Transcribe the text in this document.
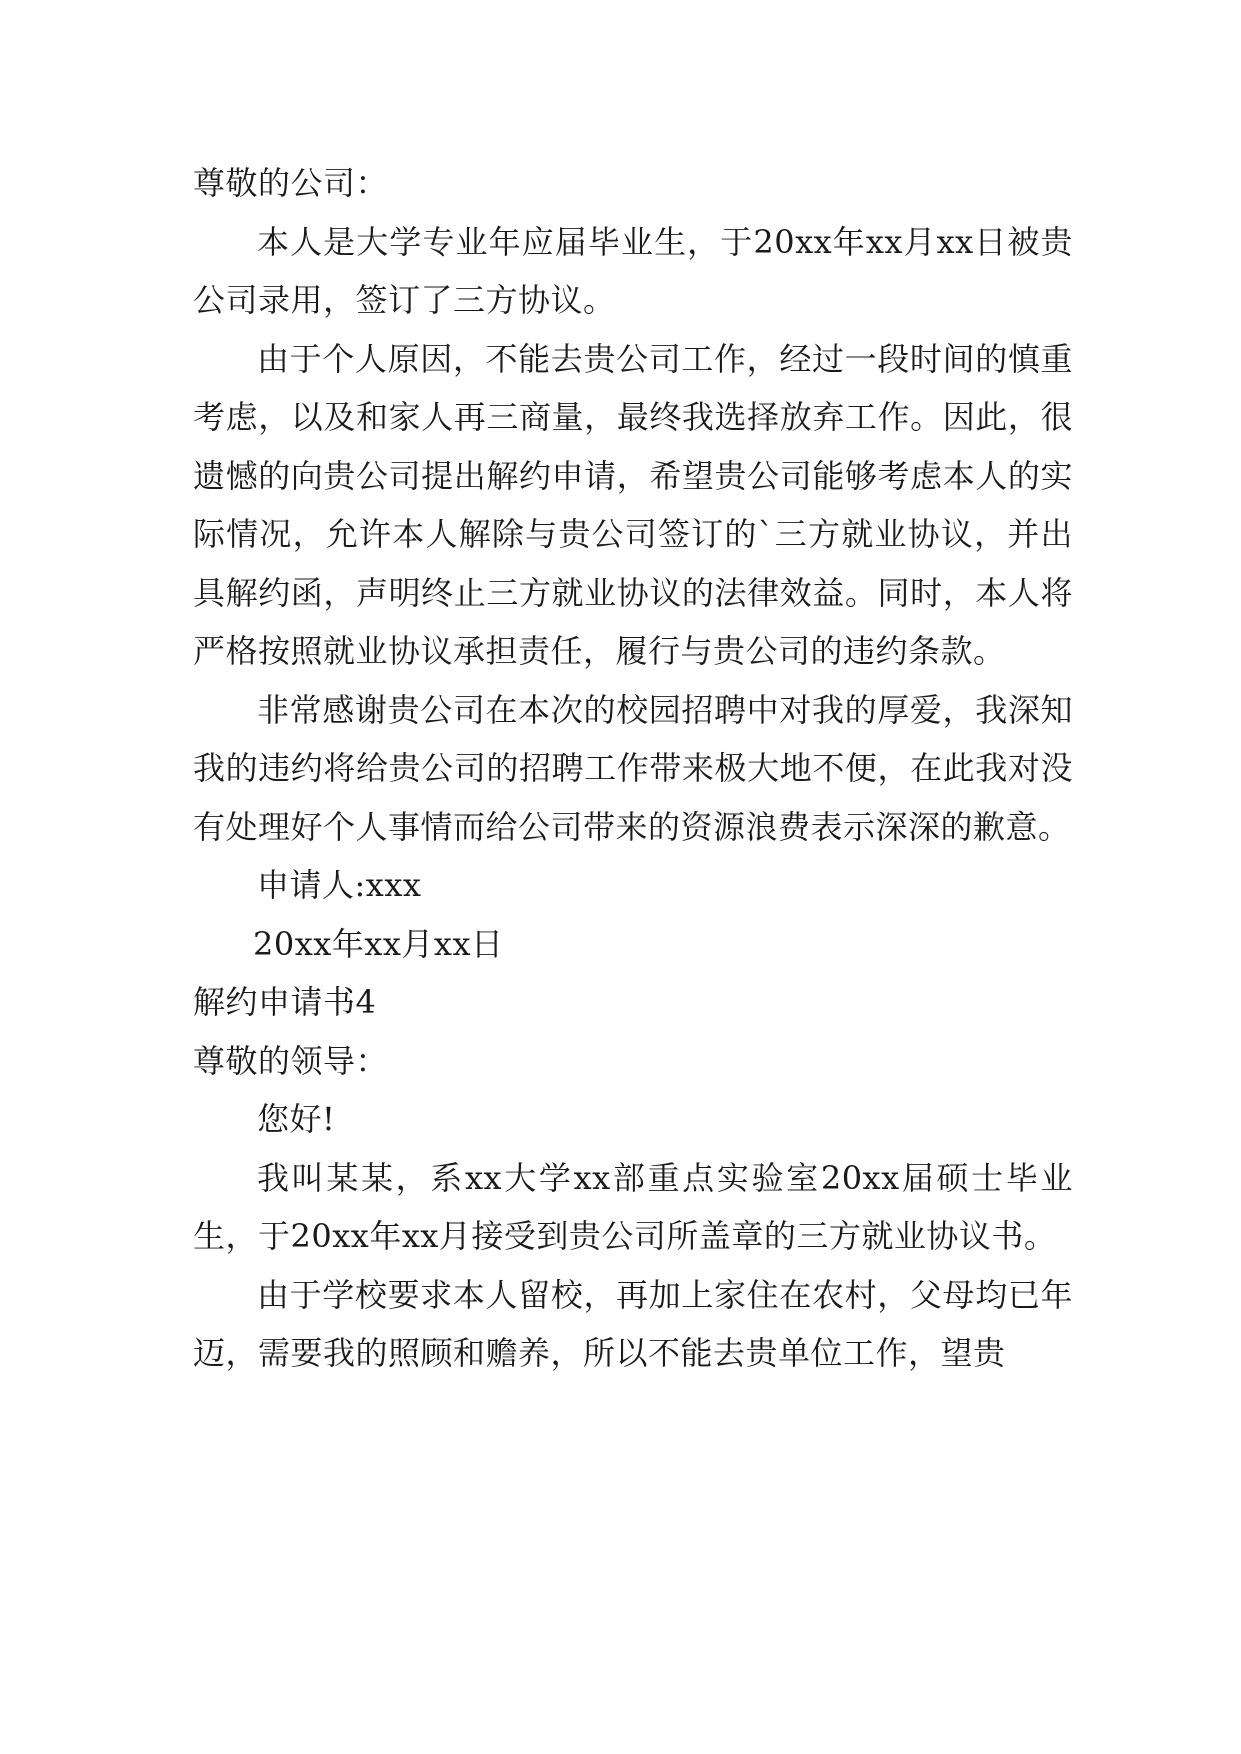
尊敬的公司：
本人是大学专业年应届毕业生，于20xx年xx月xx日被贵公司录用，签订了三方协议。
由于个人原因，不能去贵公司工作，经过一段时间的慎重考虑，以及和家人再三商量，最终我选择放弃工作。因此，很遗憾的向贵公司提出解约申请，希望贵公司能够考虑本人的实际情况，允许本人解除与贵公司签订的`三方就业协议，并出具解约函，声明终止三方就业协议的法律效益。同时，本人将严格按照就业协议承担责任，履行与贵公司的违约条款。
非常感谢贵公司在本次的校园招聘中对我的厚爱，我深知我的违约将给贵公司的招聘工作带来极大地不便，在此我对没有处理好个人事情而给公司带来的资源浪费表示深深的歉意。
申请人:xxx
20xx年xx月xx日
解约申请书4
尊敬的领导：
您好!
我叫某某，系xx大学xx部重点实验室20xx届硕士毕业生，于20xx年xx月接受到贵公司所盖章的三方就业协议书。
由于学校要求本人留校，再加上家住在农村，父母均已年迈，需要我的照顾和赡养，所以不能去贵单位工作，望贵
